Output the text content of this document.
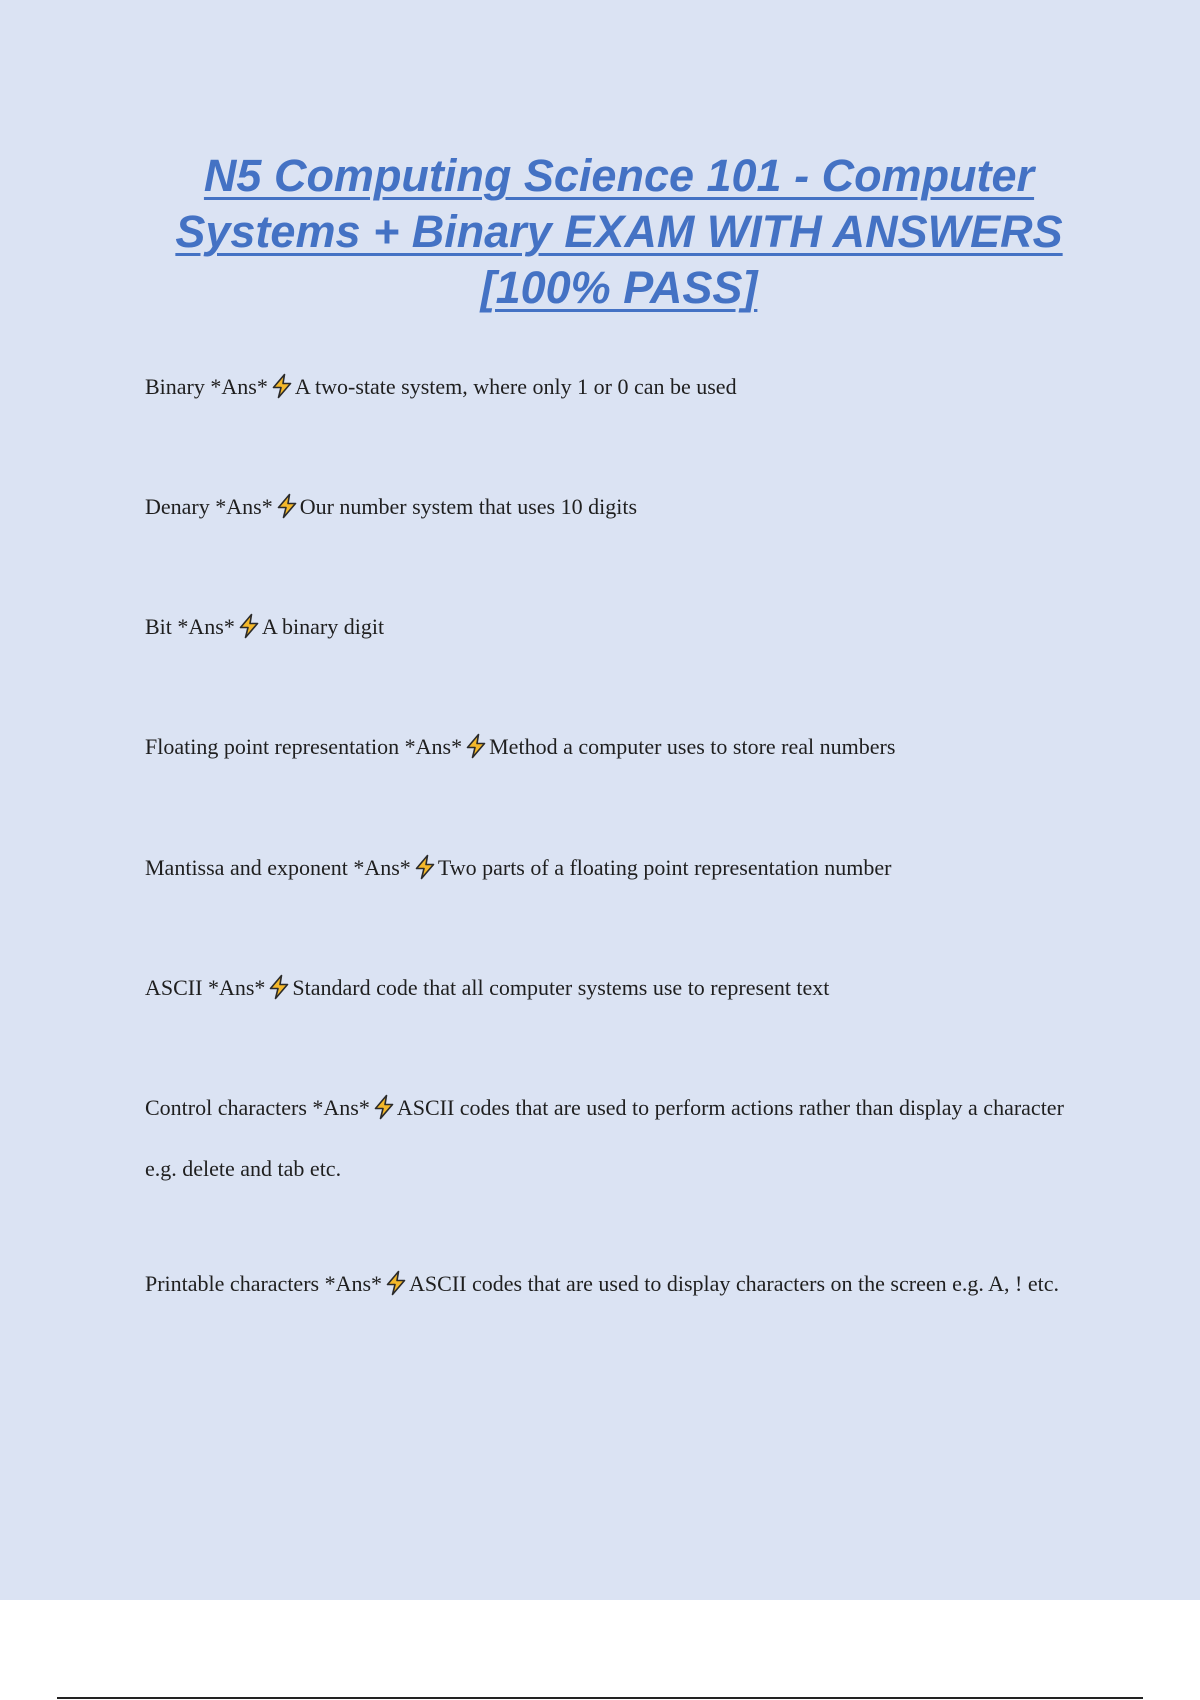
N5 Computing Science 101 - Computer Systems + Binary EXAM WITH ANSWERS [100% PASS]

Binary *Ans* A two-state system, where only 1 or 0 can be used

Denary *Ans* Our number system that uses 10 digits

Bit *Ans* A binary digit

Floating point representation *Ans* Method a computer uses to store real numbers

Mantissa and exponent *Ans* Two parts of a floating point representation number

ASCII *Ans* Standard code that all computer systems use to represent text

Control characters *Ans* ASCII codes that are used to perform actions rather than display a character e.g. delete and tab etc.

Printable characters *Ans* ASCII codes that are used to display characters on the screen e.g. A, ! etc.
